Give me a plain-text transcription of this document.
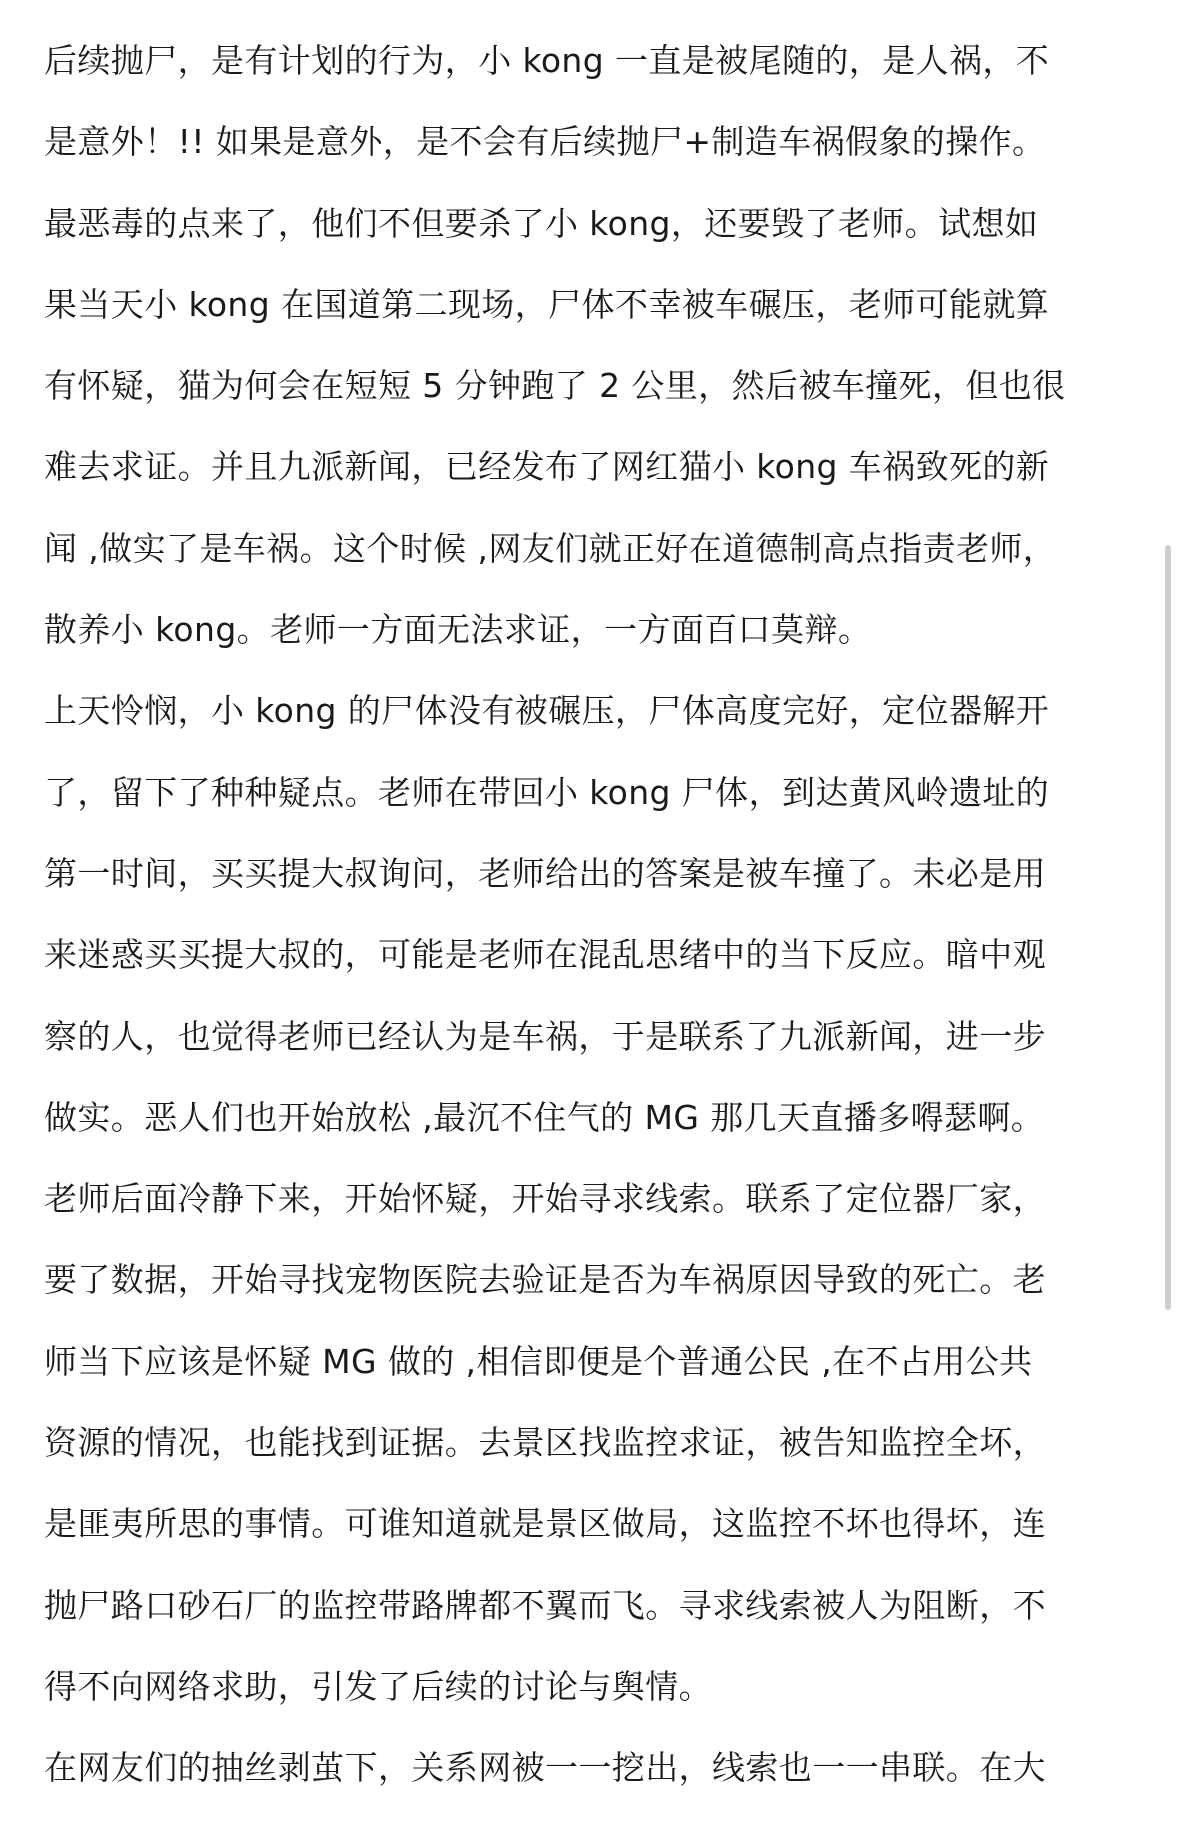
后续抛尸，是有计划的行为，小 kong 一直是被尾随的，是人祸，不
是意外！!! 如果是意外，是不会有后续抛尸+制造车祸假象的操作。

最恶毒的点来了，他们不但要杀了小 kong，还要毁了老师。试想如
果当天小 kong 在国道第二现场，尸体不幸被车碾压，老师可能就算
有怀疑，猫为何会在短短 5 分钟跑了 2 公里，然后被车撞死，但也很
难去求证。并且九派新闻，已经发布了网红猫小 kong 车祸致死的新
闻 ,做实了是车祸。这个时候 ,网友们就正好在道德制高点指责老师，
散养小 kong。老师一方面无法求证，一方面百口莫辩。

上天怜悯，小 kong 的尸体没有被碾压，尸体高度完好，定位器解开
了，留下了种种疑点。老师在带回小 kong 尸体，到达黄风岭遗址的
第一时间，买买提大叔询问，老师给出的答案是被车撞了。未必是用
来迷惑买买提大叔的，可能是老师在混乱思绪中的当下反应。暗中观
察的人，也觉得老师已经认为是车祸，于是联系了九派新闻，进一步
做实。恶人们也开始放松 ,最沉不住气的 MG 那几天直播多嘚瑟啊。

老师后面冷静下来，开始怀疑，开始寻求线索。联系了定位器厂家，
要了数据，开始寻找宠物医院去验证是否为车祸原因导致的死亡。老
师当下应该是怀疑 MG 做的 ,相信即便是个普通公民 ,在不占用公共
资源的情况，也能找到证据。去景区找监控求证，被告知监控全坏，
是匪夷所思的事情。可谁知道就是景区做局，这监控不坏也得坏，连
抛尸路口砂石厂的监控带路牌都不翼而飞。寻求线索被人为阻断，不
得不向网络求助，引发了后续的讨论与舆情。

在网友们的抽丝剥茧下，关系网被一一挖出，线索也一一串联。在大
